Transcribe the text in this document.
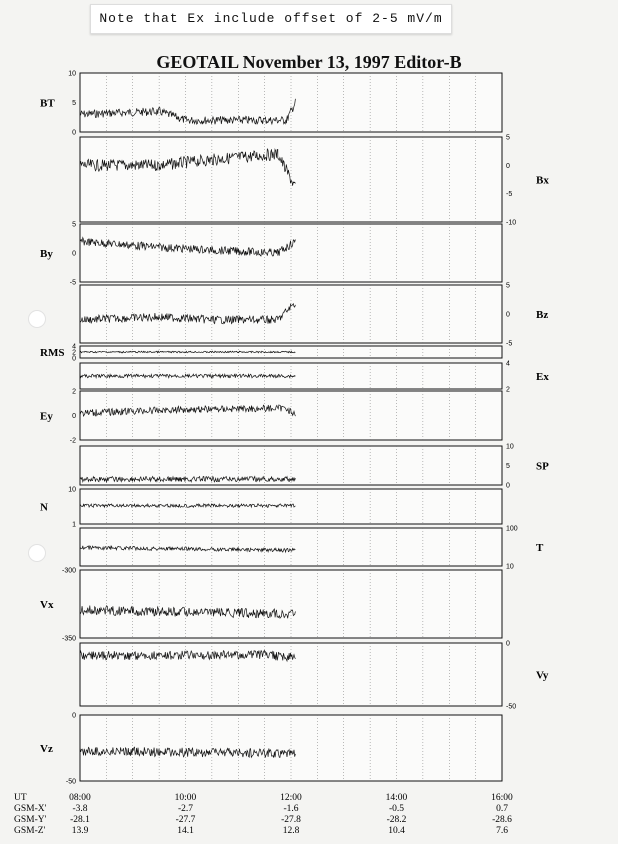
Note that Ex include offset of 2-5 mV/m
GEOTAIL November 13, 1997 Editor-B
10
5
0
BT
5
0
-5
-10
Bx
5
0
-5
By
5
0
-5
Bz
4
2
0
RMS
4
2
Ex
2
0
-2
Ey
10
5
0
SP
10
1
N
100
10
T
-300
-350
Vx
0
-50
Vy
0
-50
Vz
UT
GSM-X'
GSM-Y'
GSM-Z'
08:00
-3.8
-28.1
13.9
10:00
-2.7
-27.7
14.1
12:00
-1.6
-27.8
12.8
14:00
-0.5
-28.2
10.4
16:00
0.7
-28.6
7.6
